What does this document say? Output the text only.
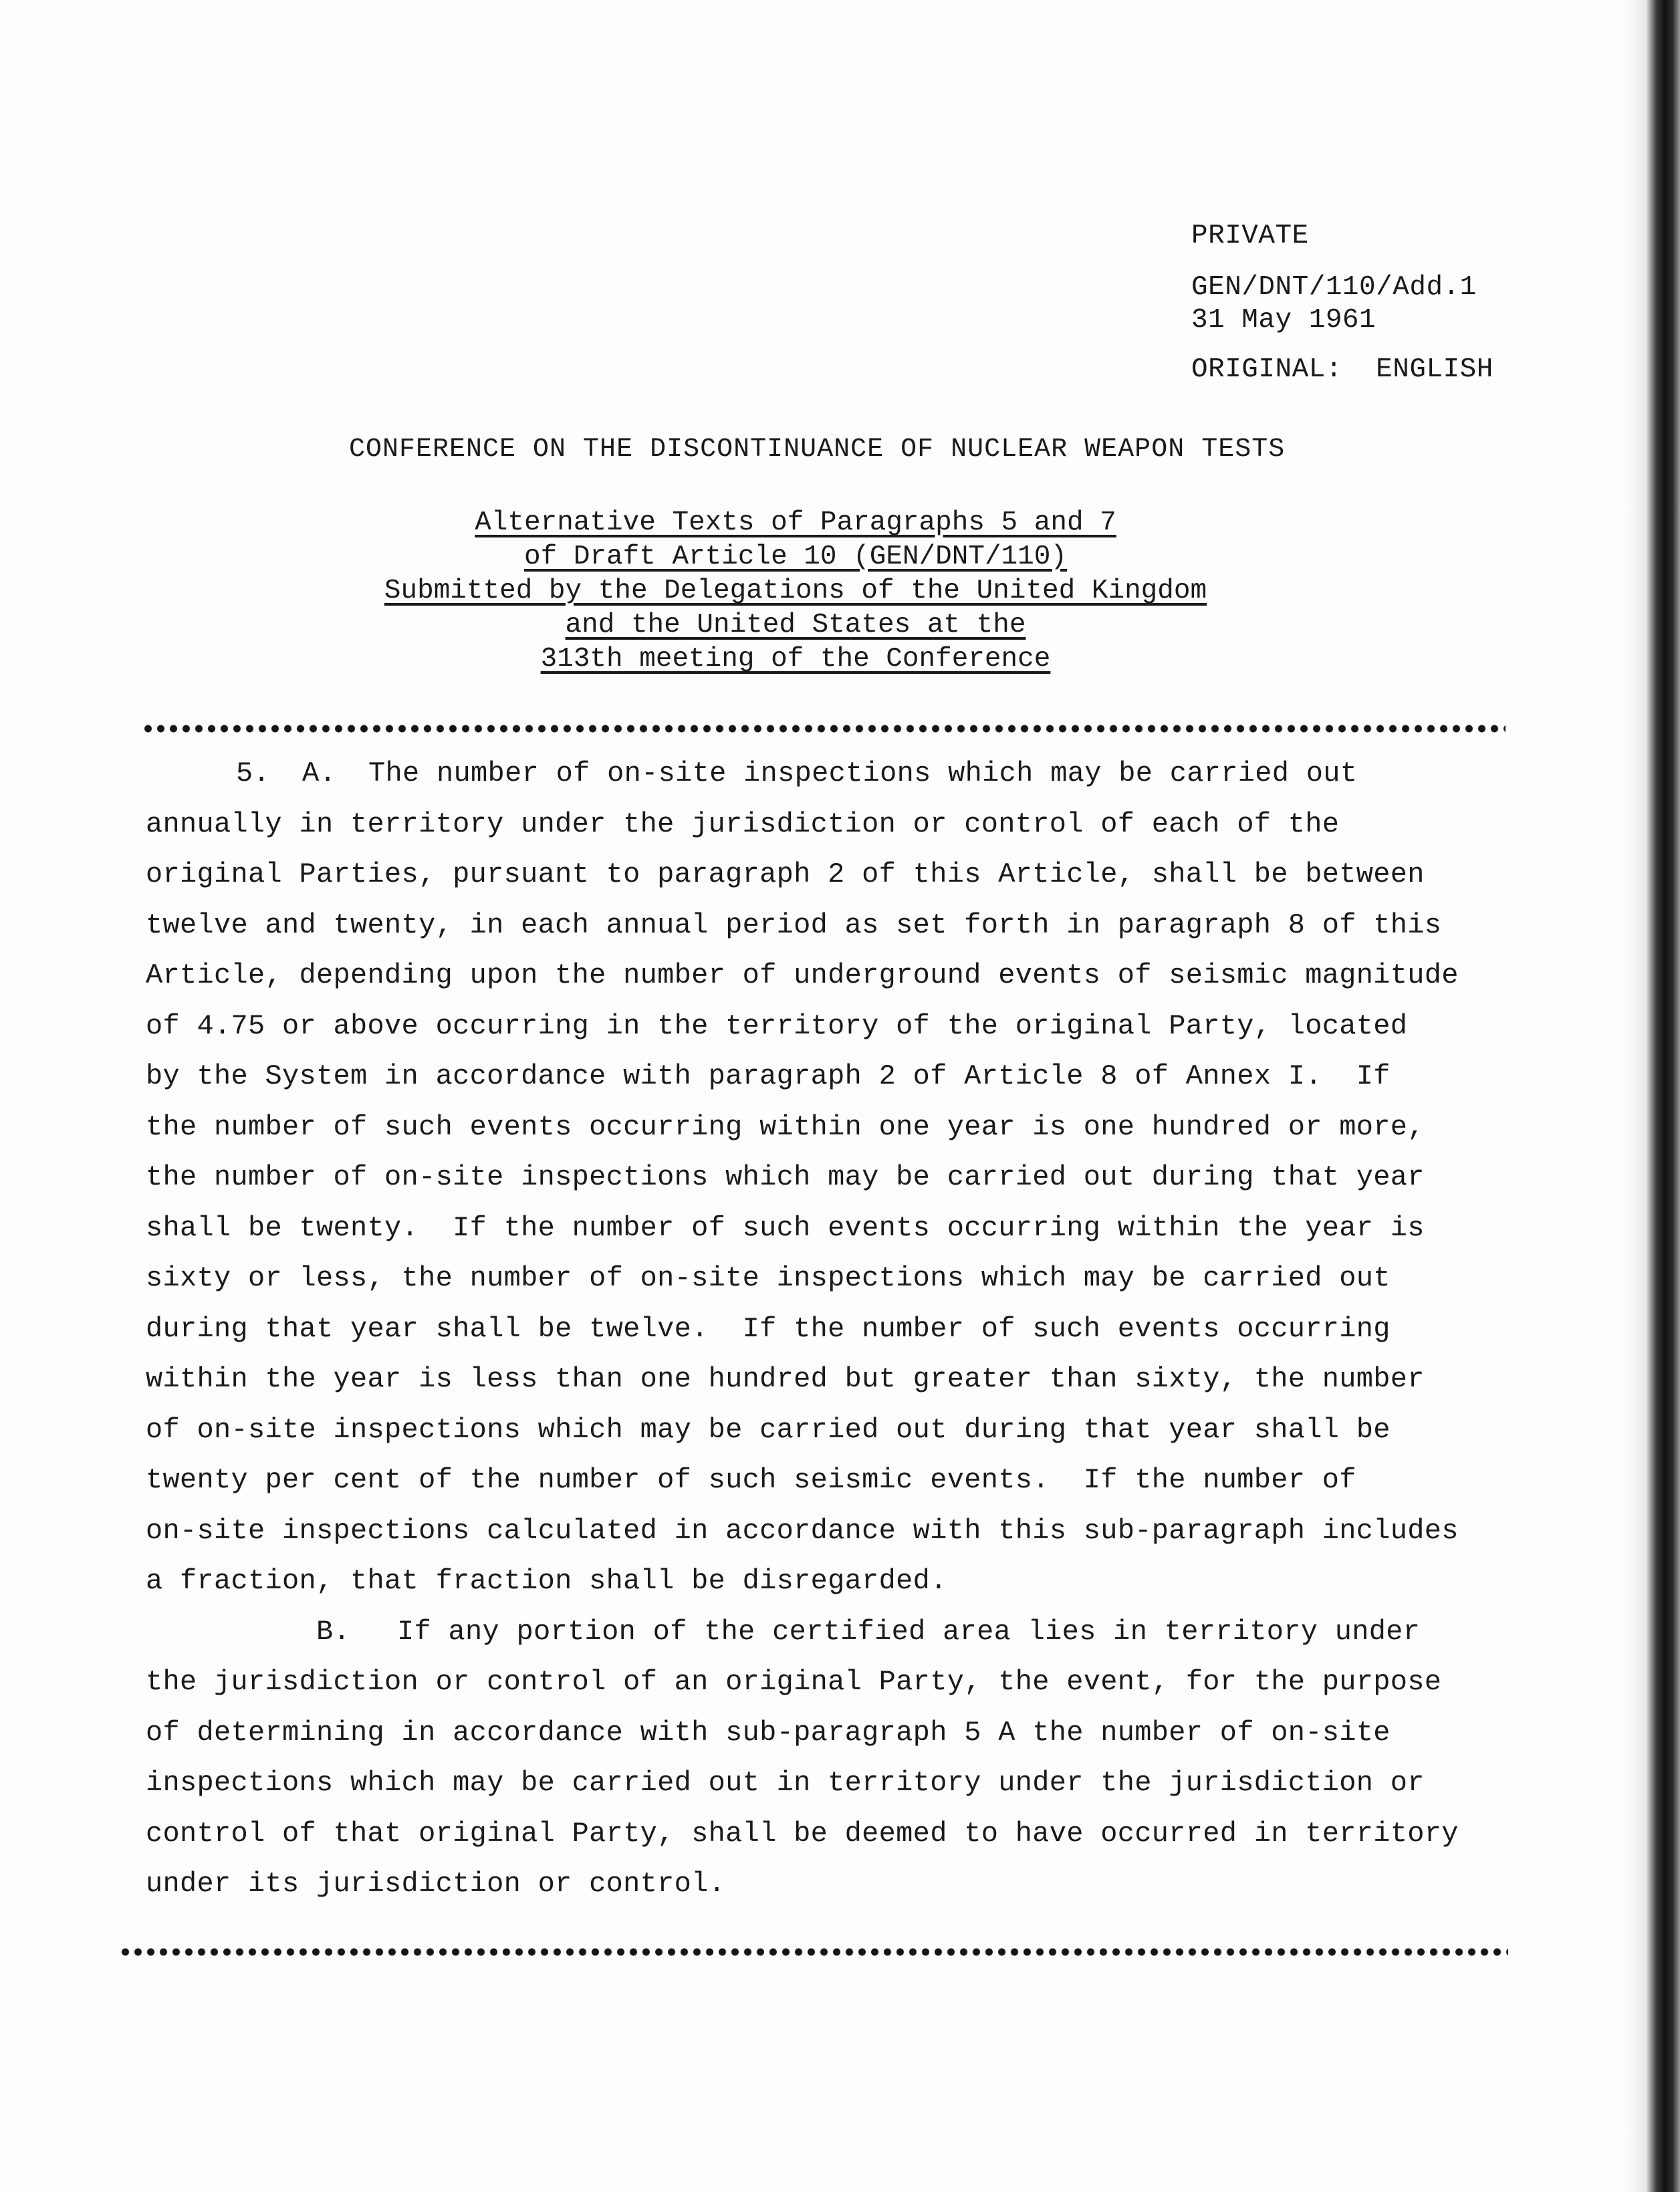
PRIVATE
GEN/DNT/110/Add.1
31 May 1961
ORIGINAL:  ENGLISH
CONFERENCE ON THE DISCONTINUANCE OF NUCLEAR WEAPON TESTS
Alternative Texts of Paragraphs 5 and 7
of Draft Article 10 (GEN/DNT/110)
Submitted by the Delegations of the United Kingdom
and the United States at the
313th meeting of the Conference
5. A. The number of on-site inspections which may be carried out
annually in territory under the jurisdiction or control of each of the
original Parties, pursuant to paragraph 2 of this Article, shall be between
twelve and twenty, in each annual period as set forth in paragraph 8 of this
Article, depending upon the number of underground events of seismic magnitude
of 4.75 or above occurring in the territory of the original Party, located
by the System in accordance with paragraph 2 of Article 8 of Annex I.  If
the number of such events occurring within one year is one hundred or more,
the number of on-site inspections which may be carried out during that year
shall be twenty.  If the number of such events occurring within the year is
sixty or less, the number of on-site inspections which may be carried out
during that year shall be twelve.  If the number of such events occurring
within the year is less than one hundred but greater than sixty, the number
of on-site inspections which may be carried out during that year shall be
twenty per cent of the number of such seismic events.  If the number of
on-site inspections calculated in accordance with this sub-paragraph includes
a fraction, that fraction shall be disregarded.
B. If any portion of the certified area lies in territory under
the jurisdiction or control of an original Party, the event, for the purpose
of determining in accordance with sub-paragraph 5 A the number of on-site
inspections which may be carried out in territory under the jurisdiction or
control of that original Party, shall be deemed to have occurred in territory
under its jurisdiction or control.
